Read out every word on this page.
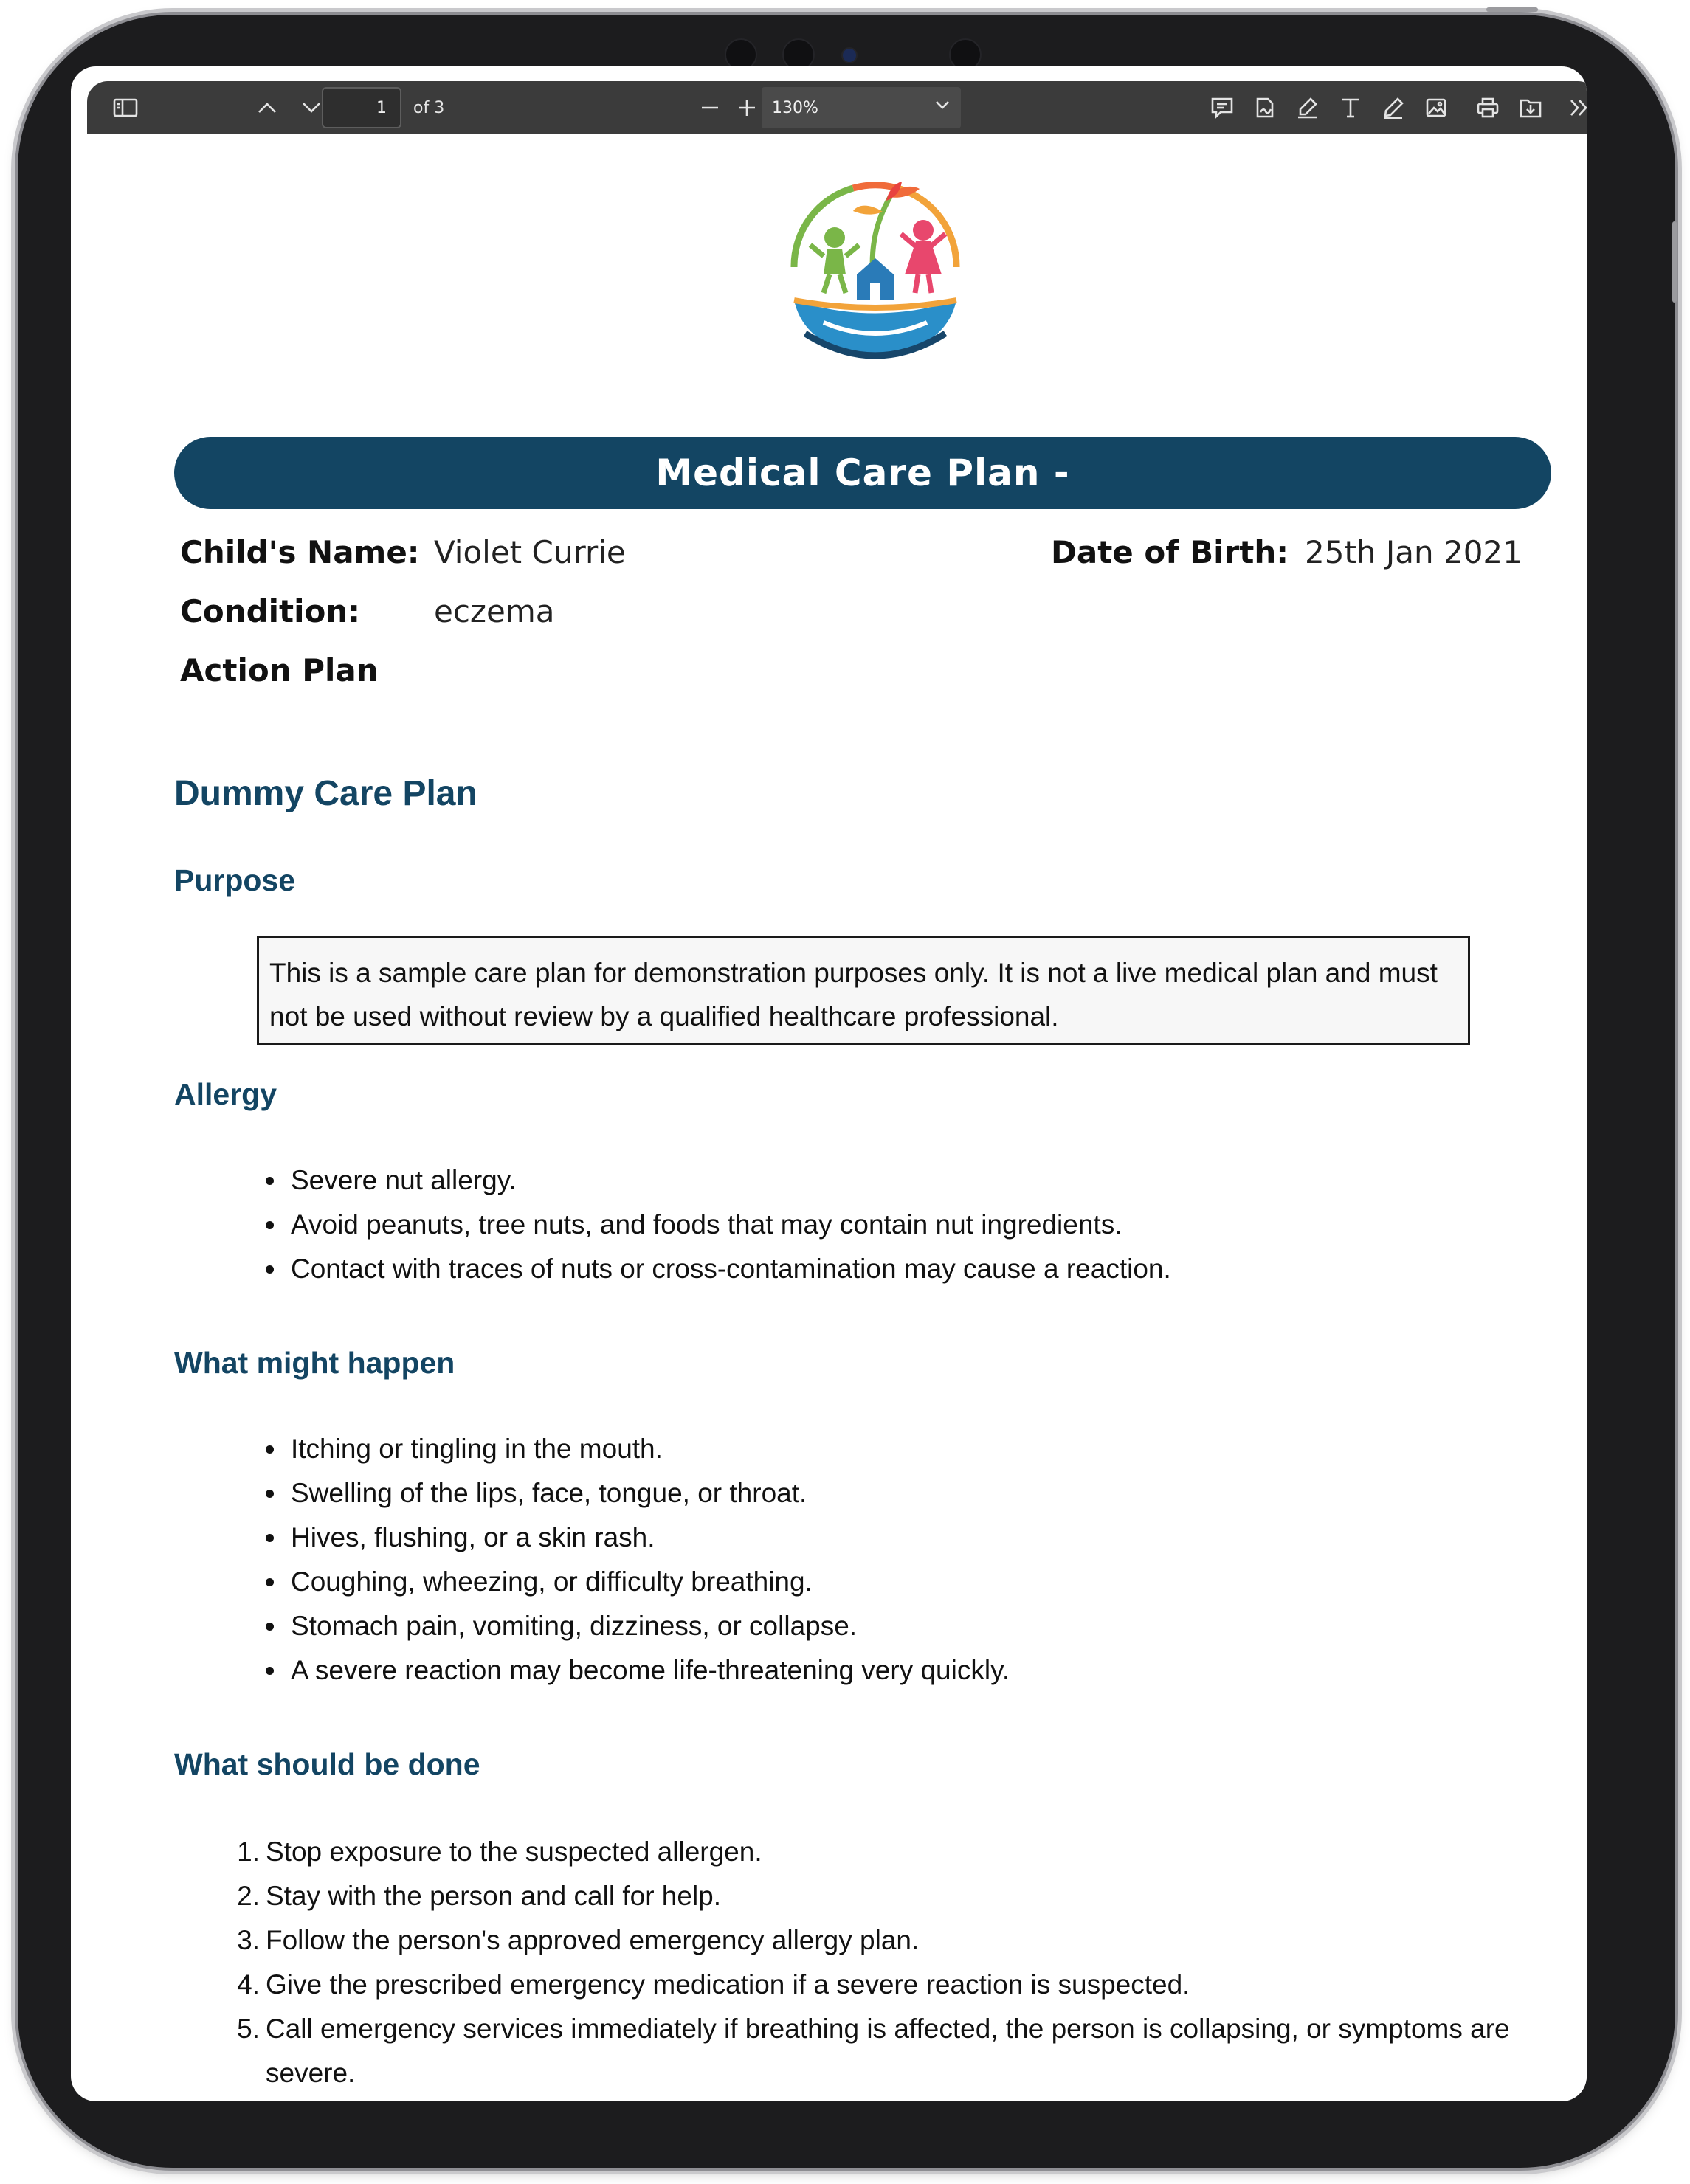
1	of 3	130%
Medical Care Plan -
Child's Name: Violet Currie	Date of Birth: 25th Jan 2021
Condition: eczema
Action Plan
Dummy Care Plan
Purpose
This is a sample care plan for demonstration purposes only. It is not a live medical plan and must not be used without review by a qualified healthcare professional.
Allergy
Severe nut allergy.
Avoid peanuts, tree nuts, and foods that may contain nut ingredients.
Contact with traces of nuts or cross-contamination may cause a reaction.
What might happen
Itching or tingling in the mouth.
Swelling of the lips, face, tongue, or throat.
Hives, flushing, or a skin rash.
Coughing, wheezing, or difficulty breathing.
Stomach pain, vomiting, dizziness, or collapse.
A severe reaction may become life-threatening very quickly.
What should be done
1. Stop exposure to the suspected allergen.
2. Stay with the person and call for help.
3. Follow the person's approved emergency allergy plan.
4. Give the prescribed emergency medication if a severe reaction is suspected.
5. Call emergency services immediately if breathing is affected, the person is collapsing, or symptoms are severe.
